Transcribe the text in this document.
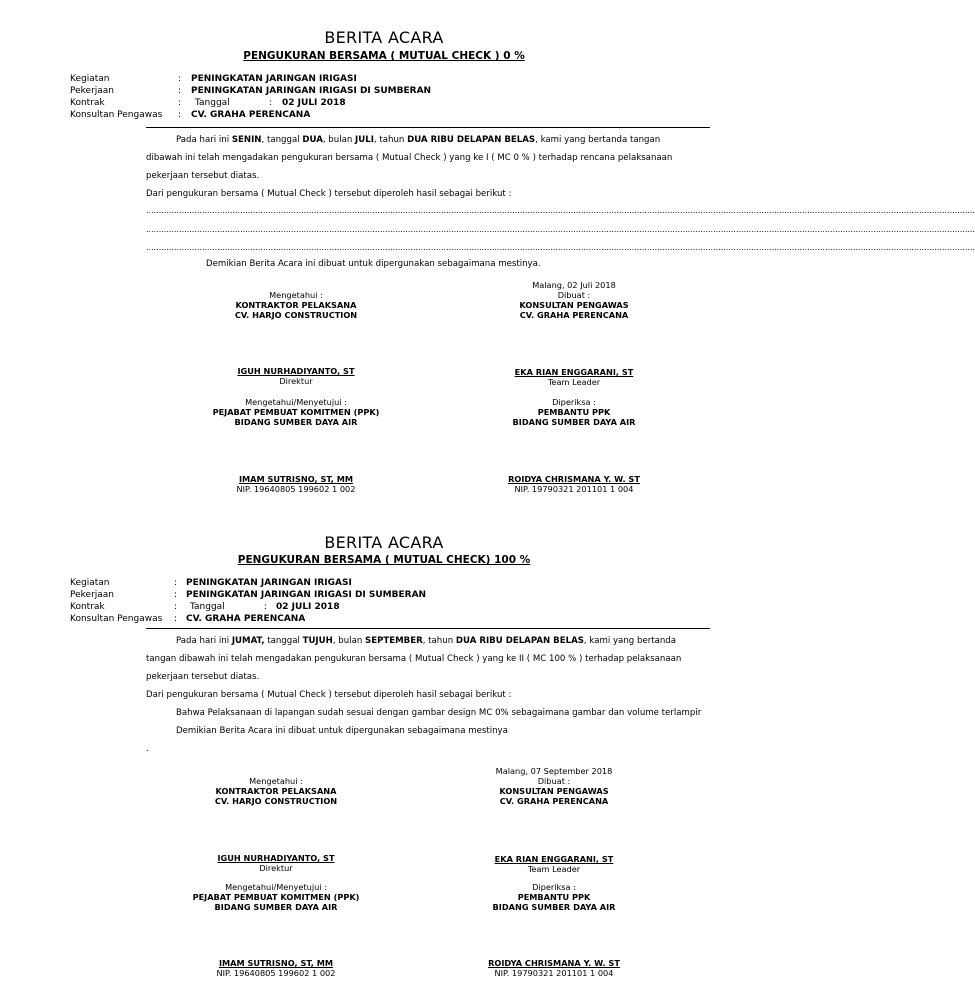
BERITA ACARA
PENGUKURAN BERSAMA ( MUTUAL CHECK ) 0 %
Kegiatan	: PENINGKATAN JARINGAN IRIGASI
Pekerjaan	: PENINGKATAN JARINGAN IRIGASI DI SUMBERAN
Kontrak	: Tanggal	: 02 JULI 2018
Konsultan Pengawas : CV. GRAHA PERENCANA
Pada hari ini SENIN, tanggal DUA, bulan JULI, tahun DUA RIBU DELAPAN BELAS, kami yang bertanda tangan
dibawah ini telah mengadakan pengukuran bersama ( Mutual Check ) yang ke I ( MC 0 % ) terhadap rencana pelaksanaan
pekerjaan tersebut diatas.
Dari pengukuran bersama ( Mutual Check ) tersebut diperoleh hasil sebagai berikut :
......................................................................................................................................................................................................................................................................................................................................
......................................................................................................................................................................................................................................................................................................................................
......................................................................................................................................................................................................................................................................................................................................
Demikian Berita Acara ini dibuat untuk dipergunakan sebagaimana mestinya.
Malang, 02 Juli 2018
Dibuat :
KONSULTAN PENGAWAS
CV. GRAHA PERENCANA
Mengetahui :
KONTRAKTOR PELAKSANA
CV. HARJO CONSTRUCTION
IGUH NURHADIYANTO, ST
Direktur
EKA RIAN ENGGARANI, ST
Team Leader
Mengetahui/Menyetujui :
PEJABAT PEMBUAT KOMITMEN (PPK)
BIDANG SUMBER DAYA AIR
Diperiksa :
PEMBANTU PPK
BIDANG SUMBER DAYA AIR
IMAM SUTRISNO, ST, MM
NIP. 19640805 199602 1 002
ROIDYA CHRISMANA Y. W. ST
NIP. 19790321 201101 1 004
BERITA ACARA
PENGUKURAN BERSAMA ( MUTUAL CHECK) 100 %
Kegiatan	: PENINGKATAN JARINGAN IRIGASI
Pekerjaan	: PENINGKATAN JARINGAN IRIGASI DI SUMBERAN
Kontrak	: Tanggal	: 02 JULI 2018
Konsultan Pengawas : CV. GRAHA PERENCANA
Pada hari ini JUMAT, tanggal TUJUH, bulan SEPTEMBER, tahun DUA RIBU DELAPAN BELAS, kami yang bertanda
tangan dibawah ini telah mengadakan pengukuran bersama ( Mutual Check ) yang ke II ( MC 100 % ) terhadap pelaksanaan
pekerjaan tersebut diatas.
Dari pengukuran bersama ( Mutual Check ) tersebut diperoleh hasil sebagai berikut :
Bahwa Pelaksanaan di lapangan sudah sesuai dengan gambar design MC 0% sebagaimana gambar dan volume terlampir
Demikian Berita Acara ini dibuat untuk dipergunakan sebagaimana mestinya
.
Malang, 07 September 2018
Dibuat :
KONSULTAN PENGAWAS
CV. GRAHA PERENCANA
Mengetahui :
KONTRAKTOR PELAKSANA
CV. HARJO CONSTRUCTION
IGUH NURHADIYANTO, ST
Direktur
EKA RIAN ENGGARANI, ST
Team Leader
Mengetahui/Menyetujui :
PEJABAT PEMBUAT KOMITMEN (PPK)
BIDANG SUMBER DAYA AIR
Diperiksa :
PEMBANTU PPK
BIDANG SUMBER DAYA AIR
IMAM SUTRISNO, ST, MM
NIP. 19640805 199602 1 002
ROIDYA CHRISMANA Y. W. ST
NIP. 19790321 201101 1 004
